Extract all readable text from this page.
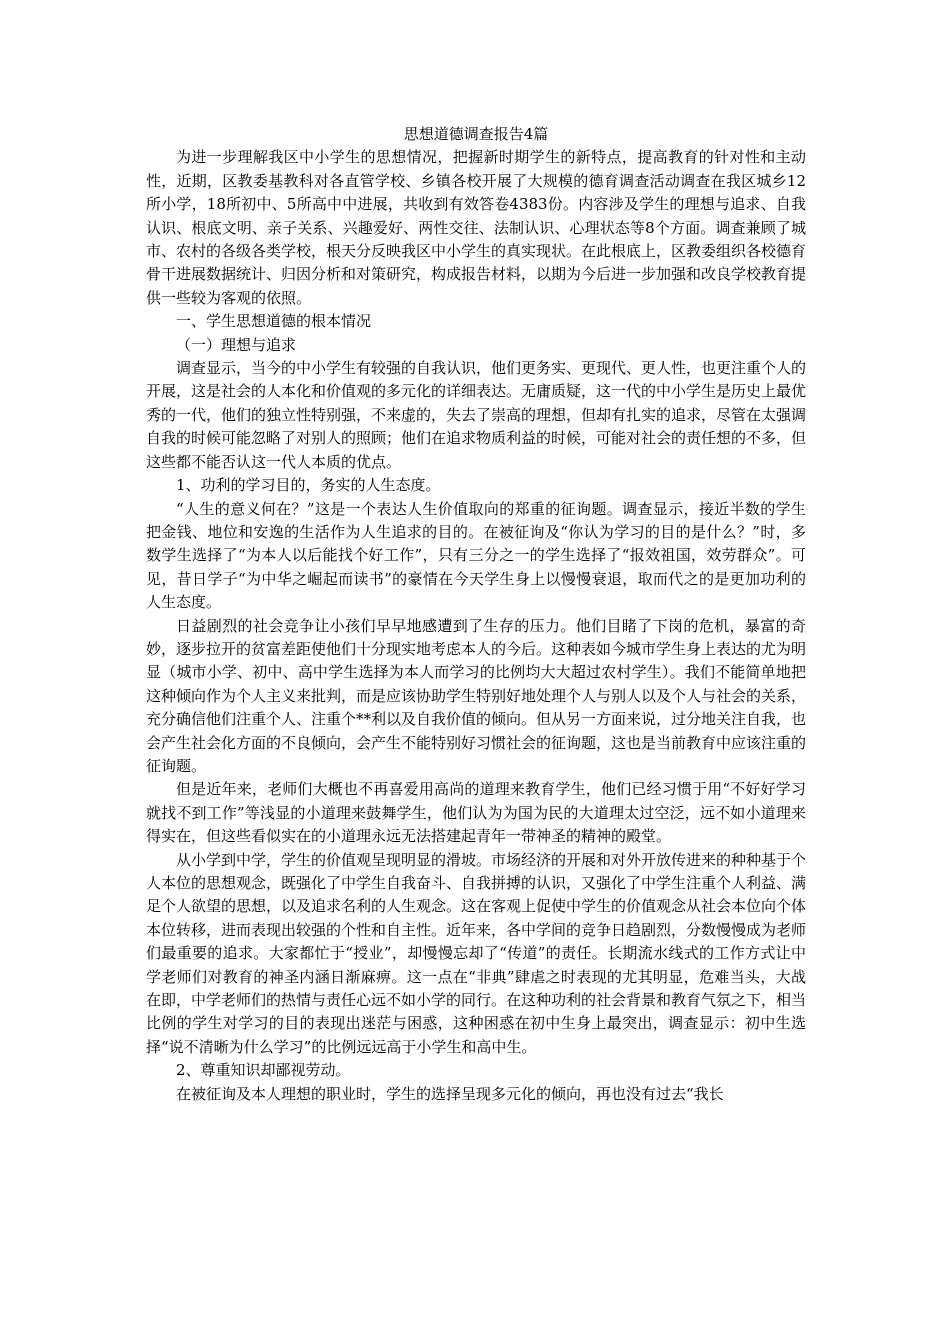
思想道德调查报告4篇

为进一步理解我区中小学生的思想情况，把握新时期学生的新特点，提高教育的针对性和主动性，近期，区教委基教科对各直管学校、乡镇各校开展了大规模的德育调查活动调查在我区城乡12所小学，18所初中、5所高中中进展，共收到有效答卷4383份。内容涉及学生的理想与追求、自我认识、根底文明、亲子关系、兴趣爱好、两性交往、法制认识、心理状态等8个方面。调查兼顾了城市、农村的各级各类学校，根天分反映我区中小学生的真实现状。在此根底上，区教委组织各校德育骨干进展数据统计、归因分析和对策研究，构成报告材料，以期为今后进一步加强和改良学校教育提供一些较为客观的依照。

一、学生思想道德的根本情况

（一）理想与追求

调查显示，当今的中小学生有较强的自我认识，他们更务实、更现代、更人性，也更注重个人的开展，这是社会的人本化和价值观的多元化的详细表达。无庸质疑，这一代的中小学生是历史上最优秀的一代，他们的独立性特别强，不来虚的，失去了崇高的理想，但却有扎实的追求，尽管在太强调自我的时候可能忽略了对别人的照顾；他们在追求物质利益的时候，可能对社会的责任想的不多，但这些都不能否认这一代人本质的优点。

1、功利的学习目的，务实的人生态度。

“人生的意义何在？”这是一个表达人生价值取向的郑重的征询题。调查显示，接近半数的学生把金钱、地位和安逸的生活作为人生追求的目的。在被征询及“你认为学习的目的是什么？”时，多数学生选择了“为本人以后能找个好工作”，只有三分之一的学生选择了“报效祖国，效劳群众”。可见，昔日学子“为中华之崛起而读书”的豪情在今天学生身上以慢慢衰退，取而代之的是更加功利的人生态度。

日益剧烈的社会竞争让小孩们早早地感遭到了生存的压力。他们目睹了下岗的危机，暴富的奇妙，逐步拉开的贫富差距使他们十分现实地考虑本人的今后。这种表如今城市学生身上表达的尤为明显（城市小学、初中、高中学生选择为本人而学习的比例均大大超过农村学生）。我们不能简单地把这种倾向作为个人主义来批判，而是应该协助学生特别好地处理个人与别人以及个人与社会的关系，充分确信他们注重个人、注重个**利以及自我价值的倾向。但从另一方面来说，过分地关注自我，也会产生社会化方面的不良倾向，会产生不能特别好习惯社会的征询题，这也是当前教育中应该注重的征询题。

但是近年来，老师们大概也不再喜爱用高尚的道理来教育学生，他们已经习惯于用“不好好学习就找不到工作”等浅显的小道理来鼓舞学生，他们认为为国为民的大道理太过空泛，远不如小道理来得实在，但这些看似实在的小道理永远无法搭建起青年一带神圣的精神的殿堂。

从小学到中学，学生的价值观呈现明显的滑坡。市场经济的开展和对外开放传进来的种种基于个人本位的思想观念，既强化了中学生自我奋斗、自我拼搏的认识，又强化了中学生注重个人利益、满足个人欲望的思想，以及追求名利的人生观念。这在客观上促使中学生的价值观念从社会本位向个体本位转移，进而表现出较强的个性和自主性。近年来，各中学间的竞争日趋剧烈，分数慢慢成为老师们最重要的追求。大家都忙于“授业”，却慢慢忘却了“传道”的责任。长期流水线式的工作方式让中学老师们对教育的神圣内涵日渐麻痹。这一点在“非典”肆虐之时表现的尤其明显，危难当头，大战在即，中学老师们的热情与责任心远不如小学的同行。在这种功利的社会背景和教育气氛之下，相当比例的学生对学习的目的表现出迷茫与困惑，这种困惑在初中生身上最突出，调查显示：初中生选择“说不清晰为什么学习”的比例远远高于小学生和高中生。

2、尊重知识却鄙视劳动。

在被征询及本人理想的职业时，学生的选择呈现多元化的倾向，再也没有过去“我长
